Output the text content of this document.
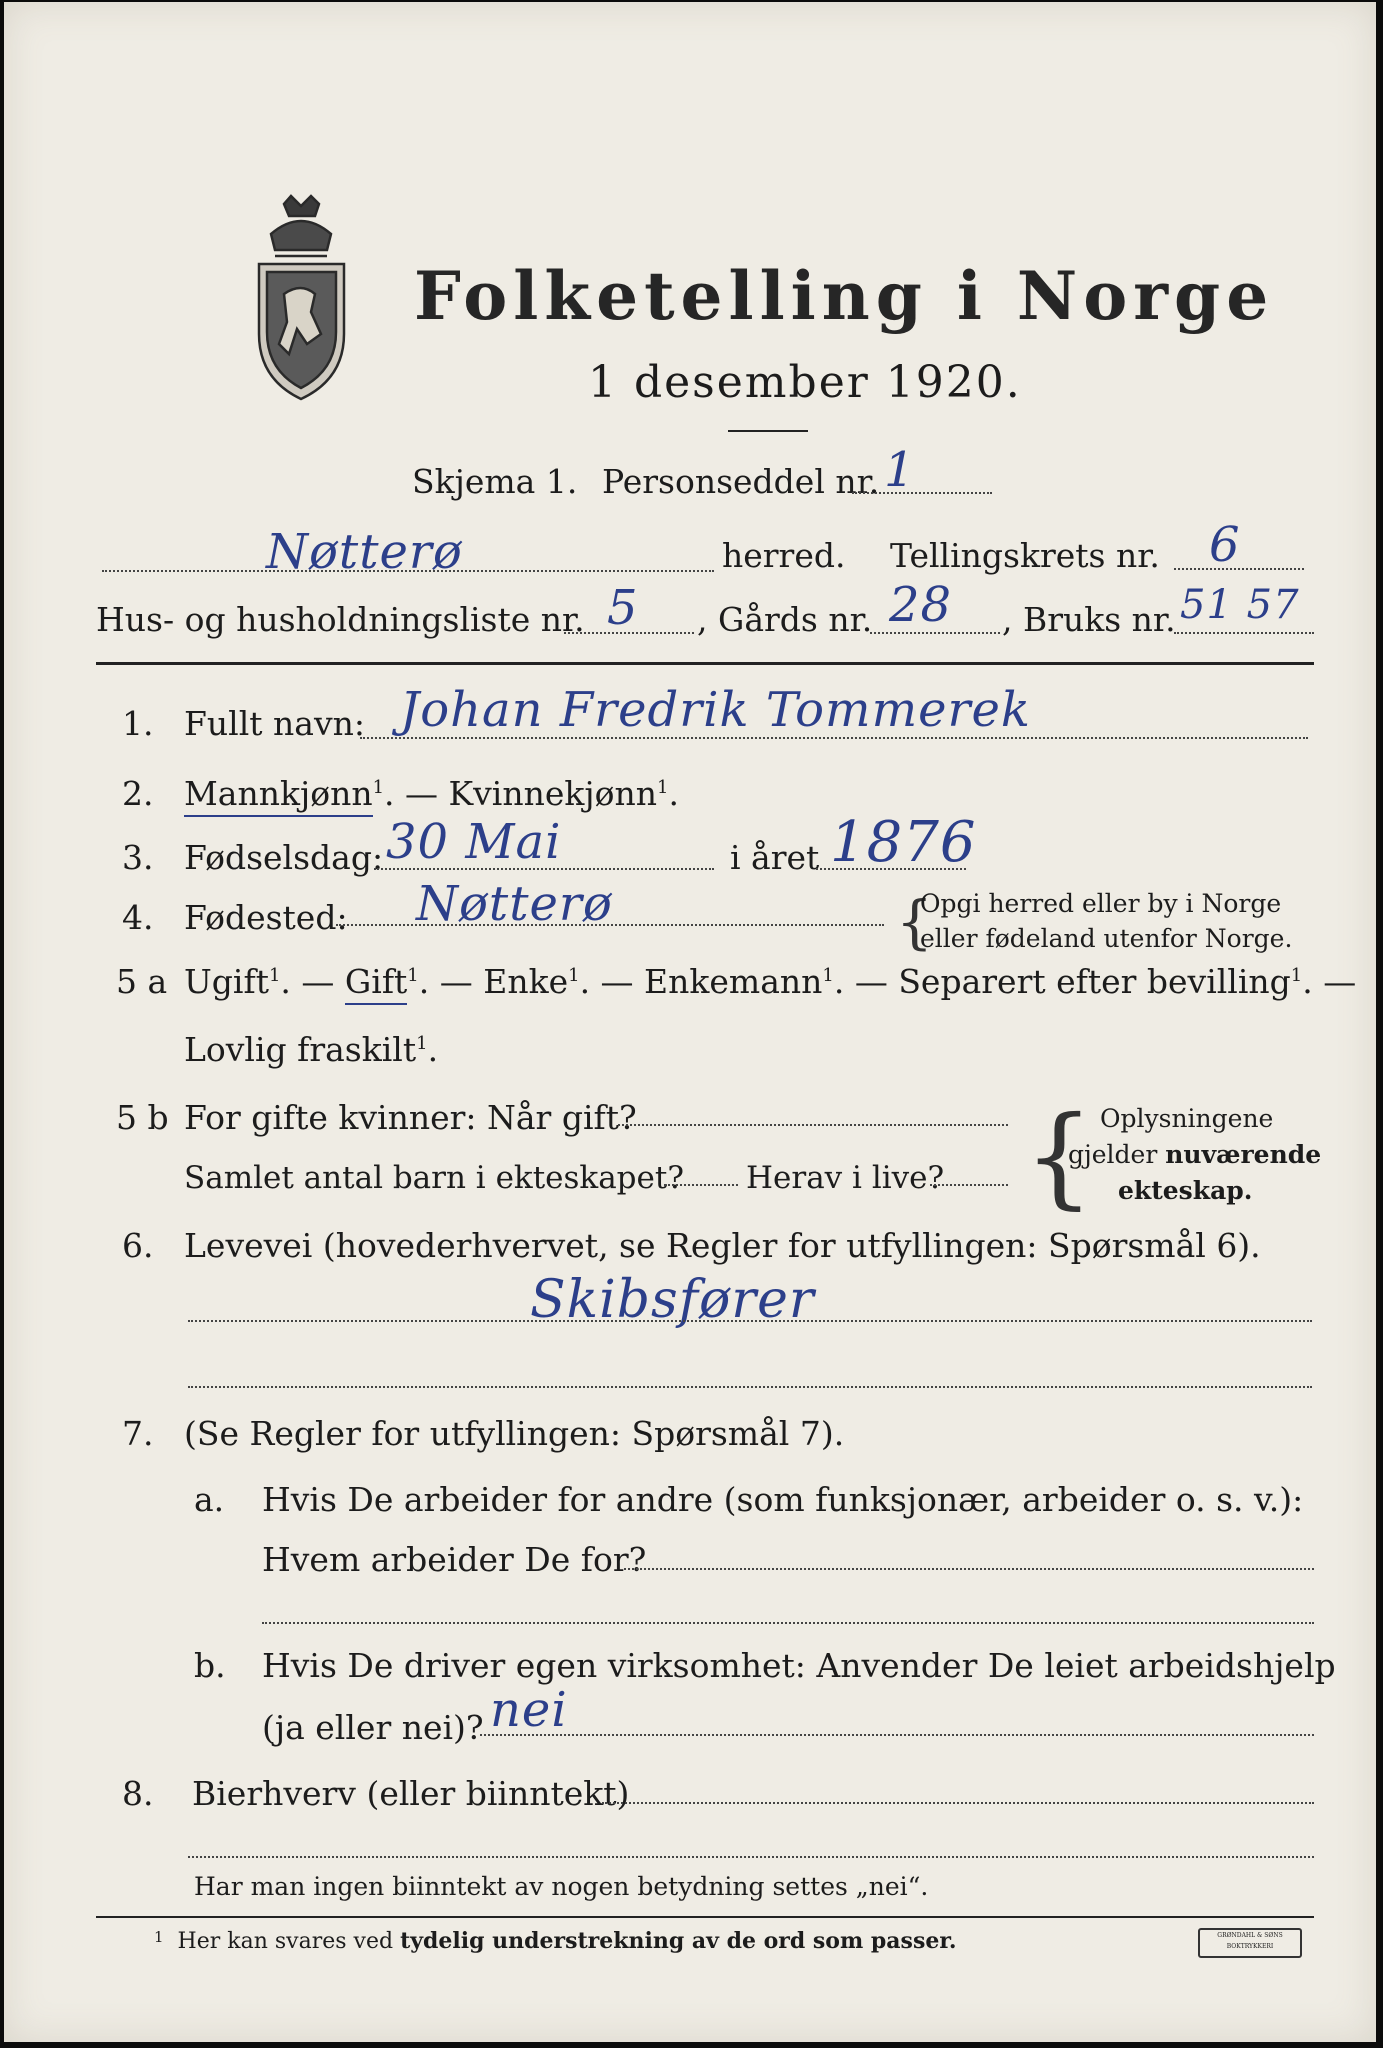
Folketelling i Norge
1 desember 1920.
Skjema 1. Personseddel nr. 1
Nøtterø	herred. Tellingskrets nr. 6
Hus- og husholdningsliste nr. 5 , Gårds nr. 28 , Bruks nr. 51 57
1. Fullt navn: Johan Fredrik Tommerek
2. Mannkjønn$^1$. — Kvinnekjønn$^1$.
3. Fødselsdag: 30 Mai	i året 1876
4. Fødested: Nøtterø	{
Opgi herred eller by i Norge
eller fødeland utenfor Norge.
5 a Ugift$^1$. — Gift$^1$. — Enke$^1$. — Enkemann$^1$. — Separert efter bevilling$^1$. —
Lovlig fraskilt$^1$.
5 b For gifte kvinner: Når gift?
Samlet antal barn i ekteskapet? Herav i live? { Oplysningene
gjelder nuværende
ekteskap.
6. Levevei (hovederhvervet, se Regler for utfyllingen: Spørsmål 6).
Skibsfører
7. (Se Regler for utfyllingen: Spørsmål 7).
a. Hvis De arbeider for andre (som funksjonær, arbeider o. s. v.):
Hvem arbeider De for?
b. Hvis De driver egen virksomhet: Anvender De leiet arbeidshjelp
(ja eller nei)? nei
8. Bierhverv (eller biinntekt)
Har man ingen biinntekt av nogen betydning settes „nei“.
$^1$ Her kan svares ved tydelig understrekning av de ord som passer.	GRØNDAHL & SØNS BOKTRYKKERI
